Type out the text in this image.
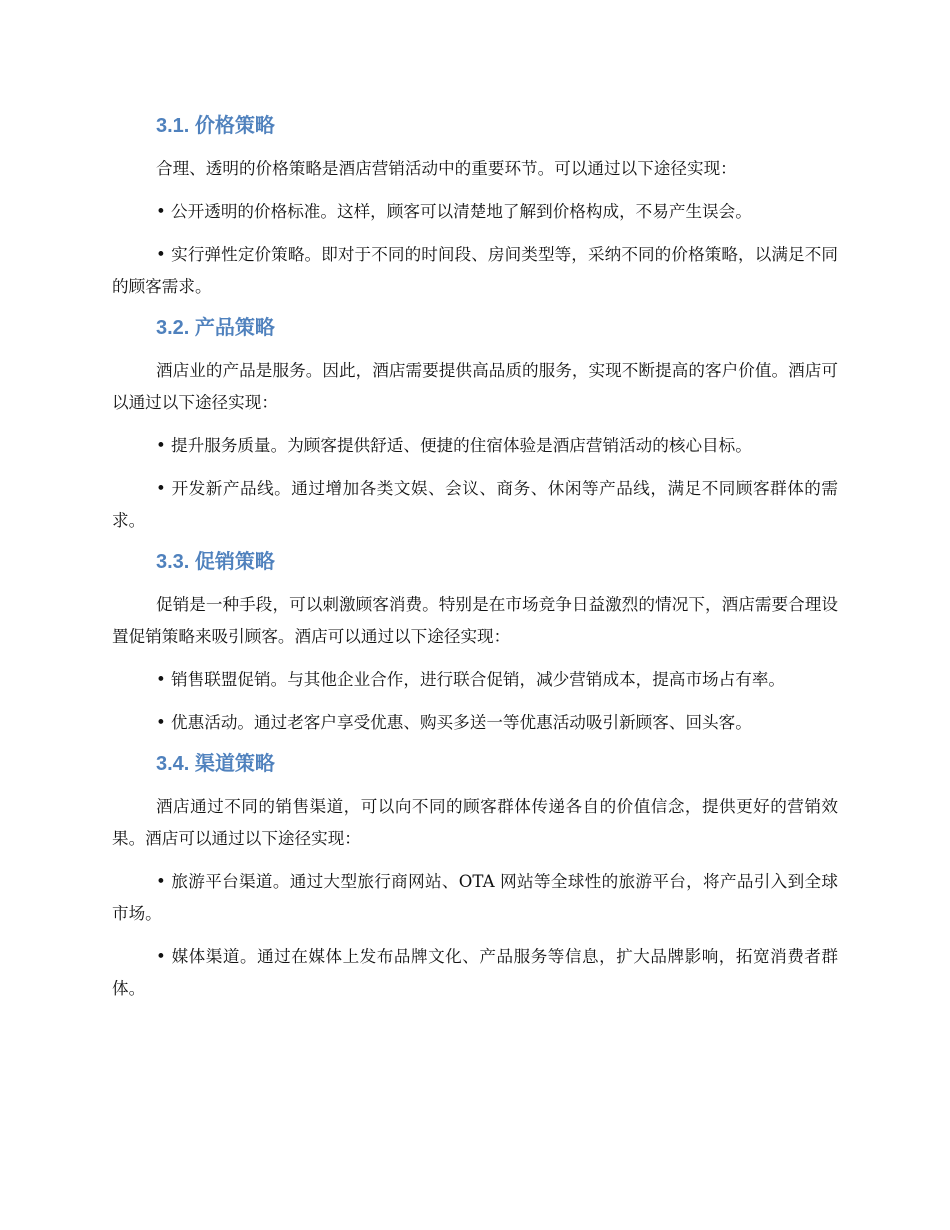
3.1. 价格策略

合理、透明的价格策略是酒店营销活动中的重要环节。可以通过以下途径实现：

• 公开透明的价格标准。这样，顾客可以清楚地了解到价格构成，不易产生误会。

• 实行弹性定价策略。即对于不同的时间段、房间类型等，采纳不同的价格策略，以满足不同的顾客需求。

3.2. 产品策略

酒店业的产品是服务。因此，酒店需要提供高品质的服务，实现不断提高的客户价值。酒店可以通过以下途径实现：

• 提升服务质量。为顾客提供舒适、便捷的住宿体验是酒店营销活动的核心目标。

• 开发新产品线。通过增加各类文娱、会议、商务、休闲等产品线，满足不同顾客群体的需求。

3.3. 促销策略

促销是一种手段，可以刺激顾客消费。特别是在市场竞争日益激烈的情况下，酒店需要合理设置促销策略来吸引顾客。酒店可以通过以下途径实现：

• 销售联盟促销。与其他企业合作，进行联合促销，减少营销成本，提高市场占有率。

• 优惠活动。通过老客户享受优惠、购买多送一等优惠活动吸引新顾客、回头客。

3.4. 渠道策略

酒店通过不同的销售渠道，可以向不同的顾客群体传递各自的价值信念，提供更好的营销效果。酒店可以通过以下途径实现：

• 旅游平台渠道。通过大型旅行商网站、OTA 网站等全球性的旅游平台，将产品引入到全球市场。

• 媒体渠道。通过在媒体上发布品牌文化、产品服务等信息，扩大品牌影响，拓宽消费者群体。
